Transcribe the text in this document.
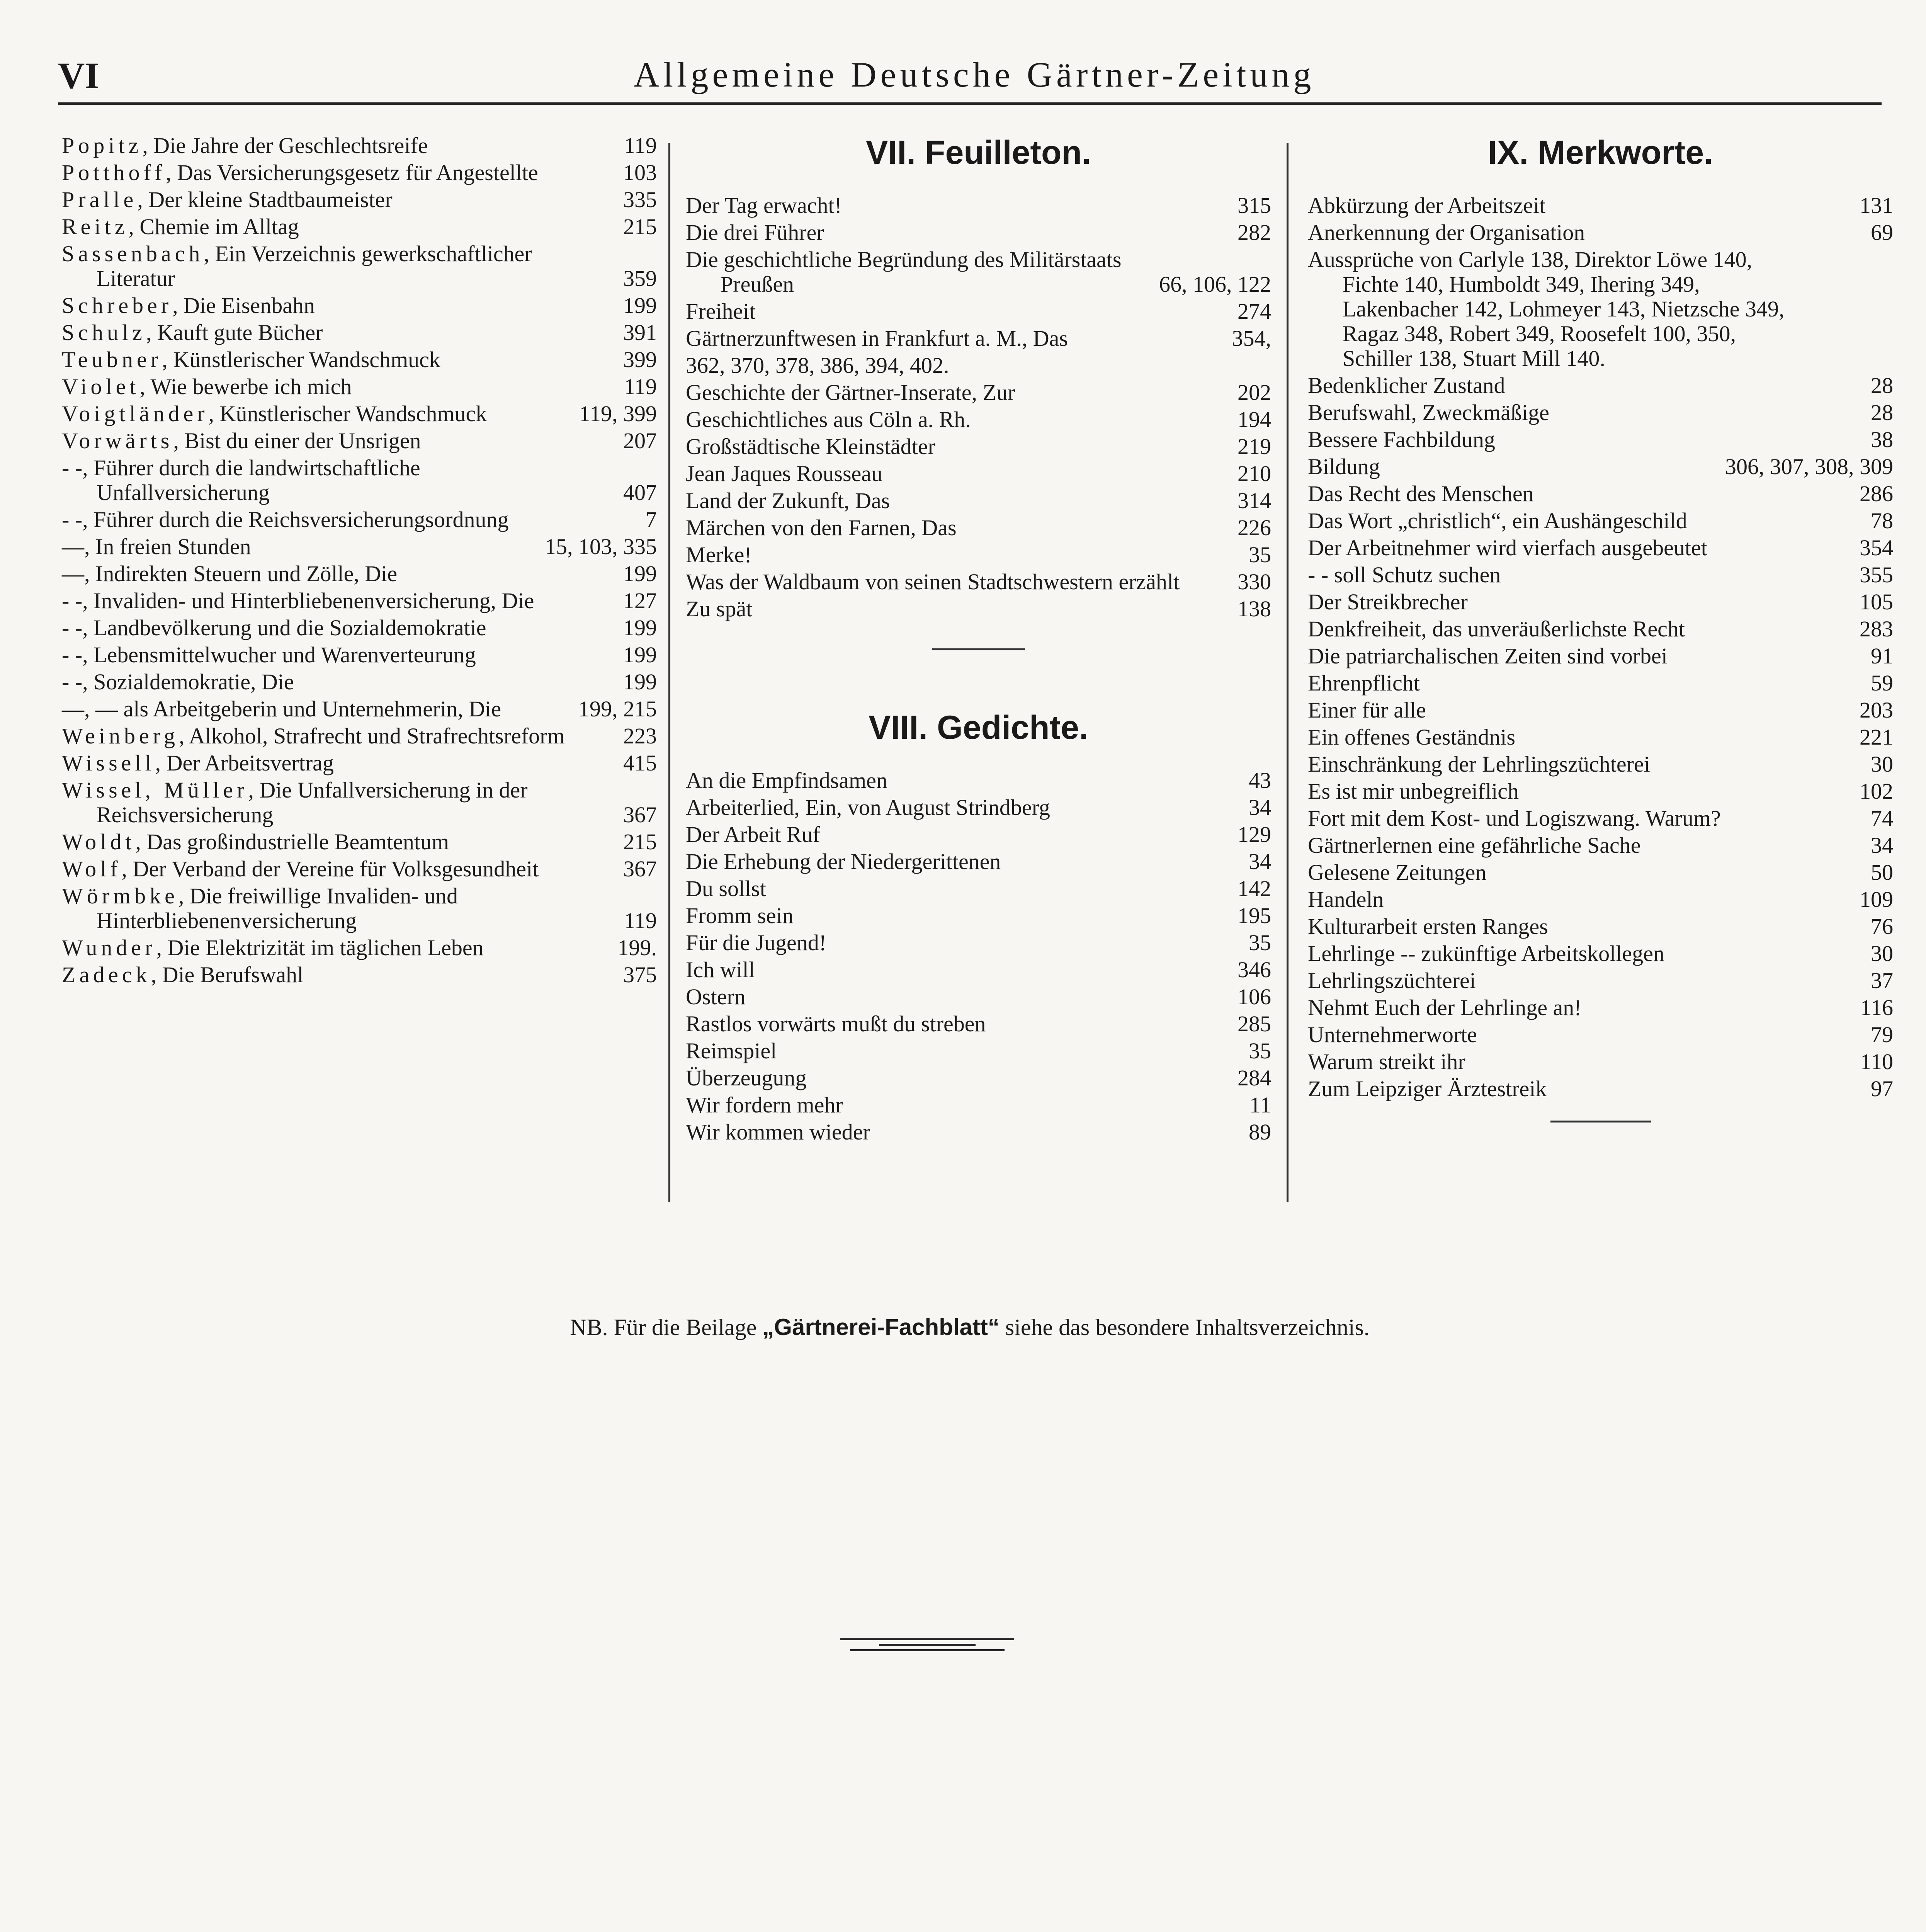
VI	Allgemeine Deutsche Gärtner-Zeitung
Popitz, Die Jahre der Geschlechtsreife	119
Potthoff, Das Versicherungsgesetz für Angestellte	103
Pralle, Der kleine Stadtbaumeister	335
Reitz, Chemie im Alltag	215
Sassenbach, Ein Verzeichnis gewerkschaftlicher Literatur	359
Schreber, Die Eisenbahn	199
Schulz, Kauft gute Bücher	391
Teubner, Künstlerischer Wandschmuck	399
Violet, Wie bewerbe ich mich	119
Voigtländer, Künstlerischer Wandschmuck	119, 399
Vorwärts, Bist du einer der Unsrigen	207
- -, Führer durch die landwirtschaftliche Unfallversicherung	407
- -, Führer durch die Reichsversicherungsordnung	7
—, In freien Stunden	15, 103, 335
—, Indirekten Steuern und Zölle, Die	199
- -, Invaliden- und Hinterbliebenenversicherung, Die	127
- -, Landbevölkerung und die Sozialdemokratie	199
- -, Lebensmittelwucher und Warenverteurung	199
- -, Sozialdemokratie, Die	199
—, — als Arbeitgeberin und Unternehmerin, Die	199, 215
Weinberg, Alkohol, Strafrecht und Strafrechtsreform	223
Wissell, Der Arbeitsvertrag	415
Wissel, Müller, Die Unfallversicherung in der Reichsversicherung	367
Woldt, Das großindustrielle Beamtentum	215
Wolf, Der Verband der Vereine für Volksgesundheit	367
Wörmbke, Die freiwillige Invaliden- und Hinterbliebenenversicherung	119
Wunder, Die Elektrizität im täglichen Leben	199.
Zadeck, Die Berufswahl	375
VII. Feuilleton.
Der Tag erwacht!	315
Die drei Führer	282
Die geschichtliche Begründung des Militärstaats Preußen	66, 106, 122
Freiheit	274
Gärtnerzunftwesen in Frankfurt a. M., Das	354,
362, 370, 378, 386, 394, 402.
Geschichte der Gärtner-Inserate, Zur	202
Geschichtliches aus Cöln a. Rh.	194
Großstädtische Kleinstädter	219
Jean Jaques Rousseau	210
Land der Zukunft, Das	314
Märchen von den Farnen, Das	226
Merke!	35
Was der Waldbaum von seinen Stadtschwestern erzählt	330
Zu spät	138
VIII. Gedichte.
An die Empfindsamen	43
Arbeiterlied, Ein, von August Strindberg	34
Der Arbeit Ruf	129
Die Erhebung der Niedergerittenen	34
Du sollst	142
Fromm sein	195
Für die Jugend!	35
Ich will	346
Ostern	106
Rastlos vorwärts mußt du streben	285
Reimspiel	35
Überzeugung	284
Wir fordern mehr	11
Wir kommen wieder	89
IX. Merkworte.
Abkürzung der Arbeitszeit	131
Anerkennung der Organisation	69
Aussprüche von Carlyle 138, Direktor Löwe 140, Fichte 140, Humboldt 349, Ihering 349, Lakenbacher 142, Lohmeyer 143, Nietzsche 349, Ragaz 348, Robert 349, Roosefelt 100, 350, Schiller 138, Stuart Mill 140.
Bedenklicher Zustand	28
Berufswahl, Zweckmäßige	28
Bessere Fachbildung	38
Bildung	306, 307, 308, 309
Das Recht des Menschen	286
Das Wort „christlich“, ein Aushängeschild	78
Der Arbeitnehmer wird vierfach ausgebeutet	354
- - soll Schutz suchen	355
Der Streikbrecher	105
Denkfreiheit, das unveräußerlichste Recht	283
Die patriarchalischen Zeiten sind vorbei	91
Ehrenpflicht	59
Einer für alle	203
Ein offenes Geständnis	221
Einschränkung der Lehrlingszüchterei	30
Es ist mir unbegreiflich	102
Fort mit dem Kost- und Logiszwang. Warum?	74
Gärtnerlernen eine gefährliche Sache	34
Gelesene Zeitungen	50
Handeln	109
Kulturarbeit ersten Ranges	76
Lehrlinge -- zukünftige Arbeitskollegen	30
Lehrlingszüchterei	37
Nehmt Euch der Lehrlinge an!	116
Unternehmerworte	79
Warum streikt ihr	110
Zum Leipziger Ärztestreik	97
NB. Für die Beilage „Gärtnerei-Fachblatt“ siehe das besondere Inhaltsverzeichnis.
